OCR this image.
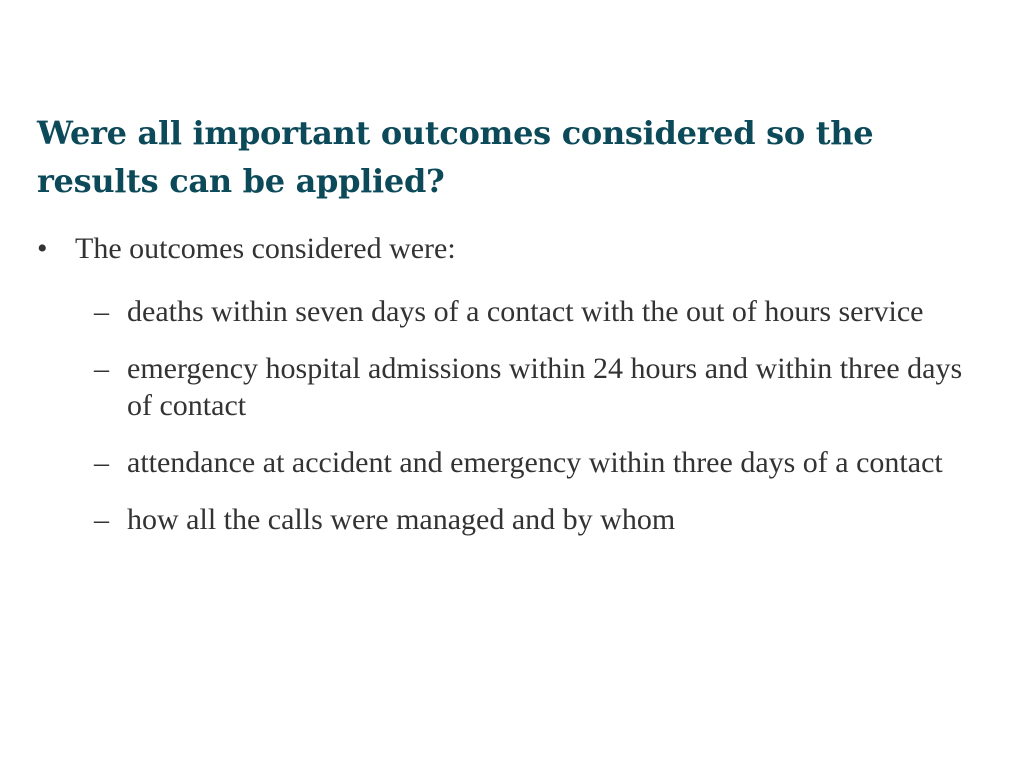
Were all important outcomes considered so the results can be applied?
• The outcomes considered were:
– deaths within seven days of a contact with the out of hours service
– emergency hospital admissions within 24 hours and within three days of contact
– attendance at accident and emergency within three days of a contact
– how all the calls were managed and by whom
